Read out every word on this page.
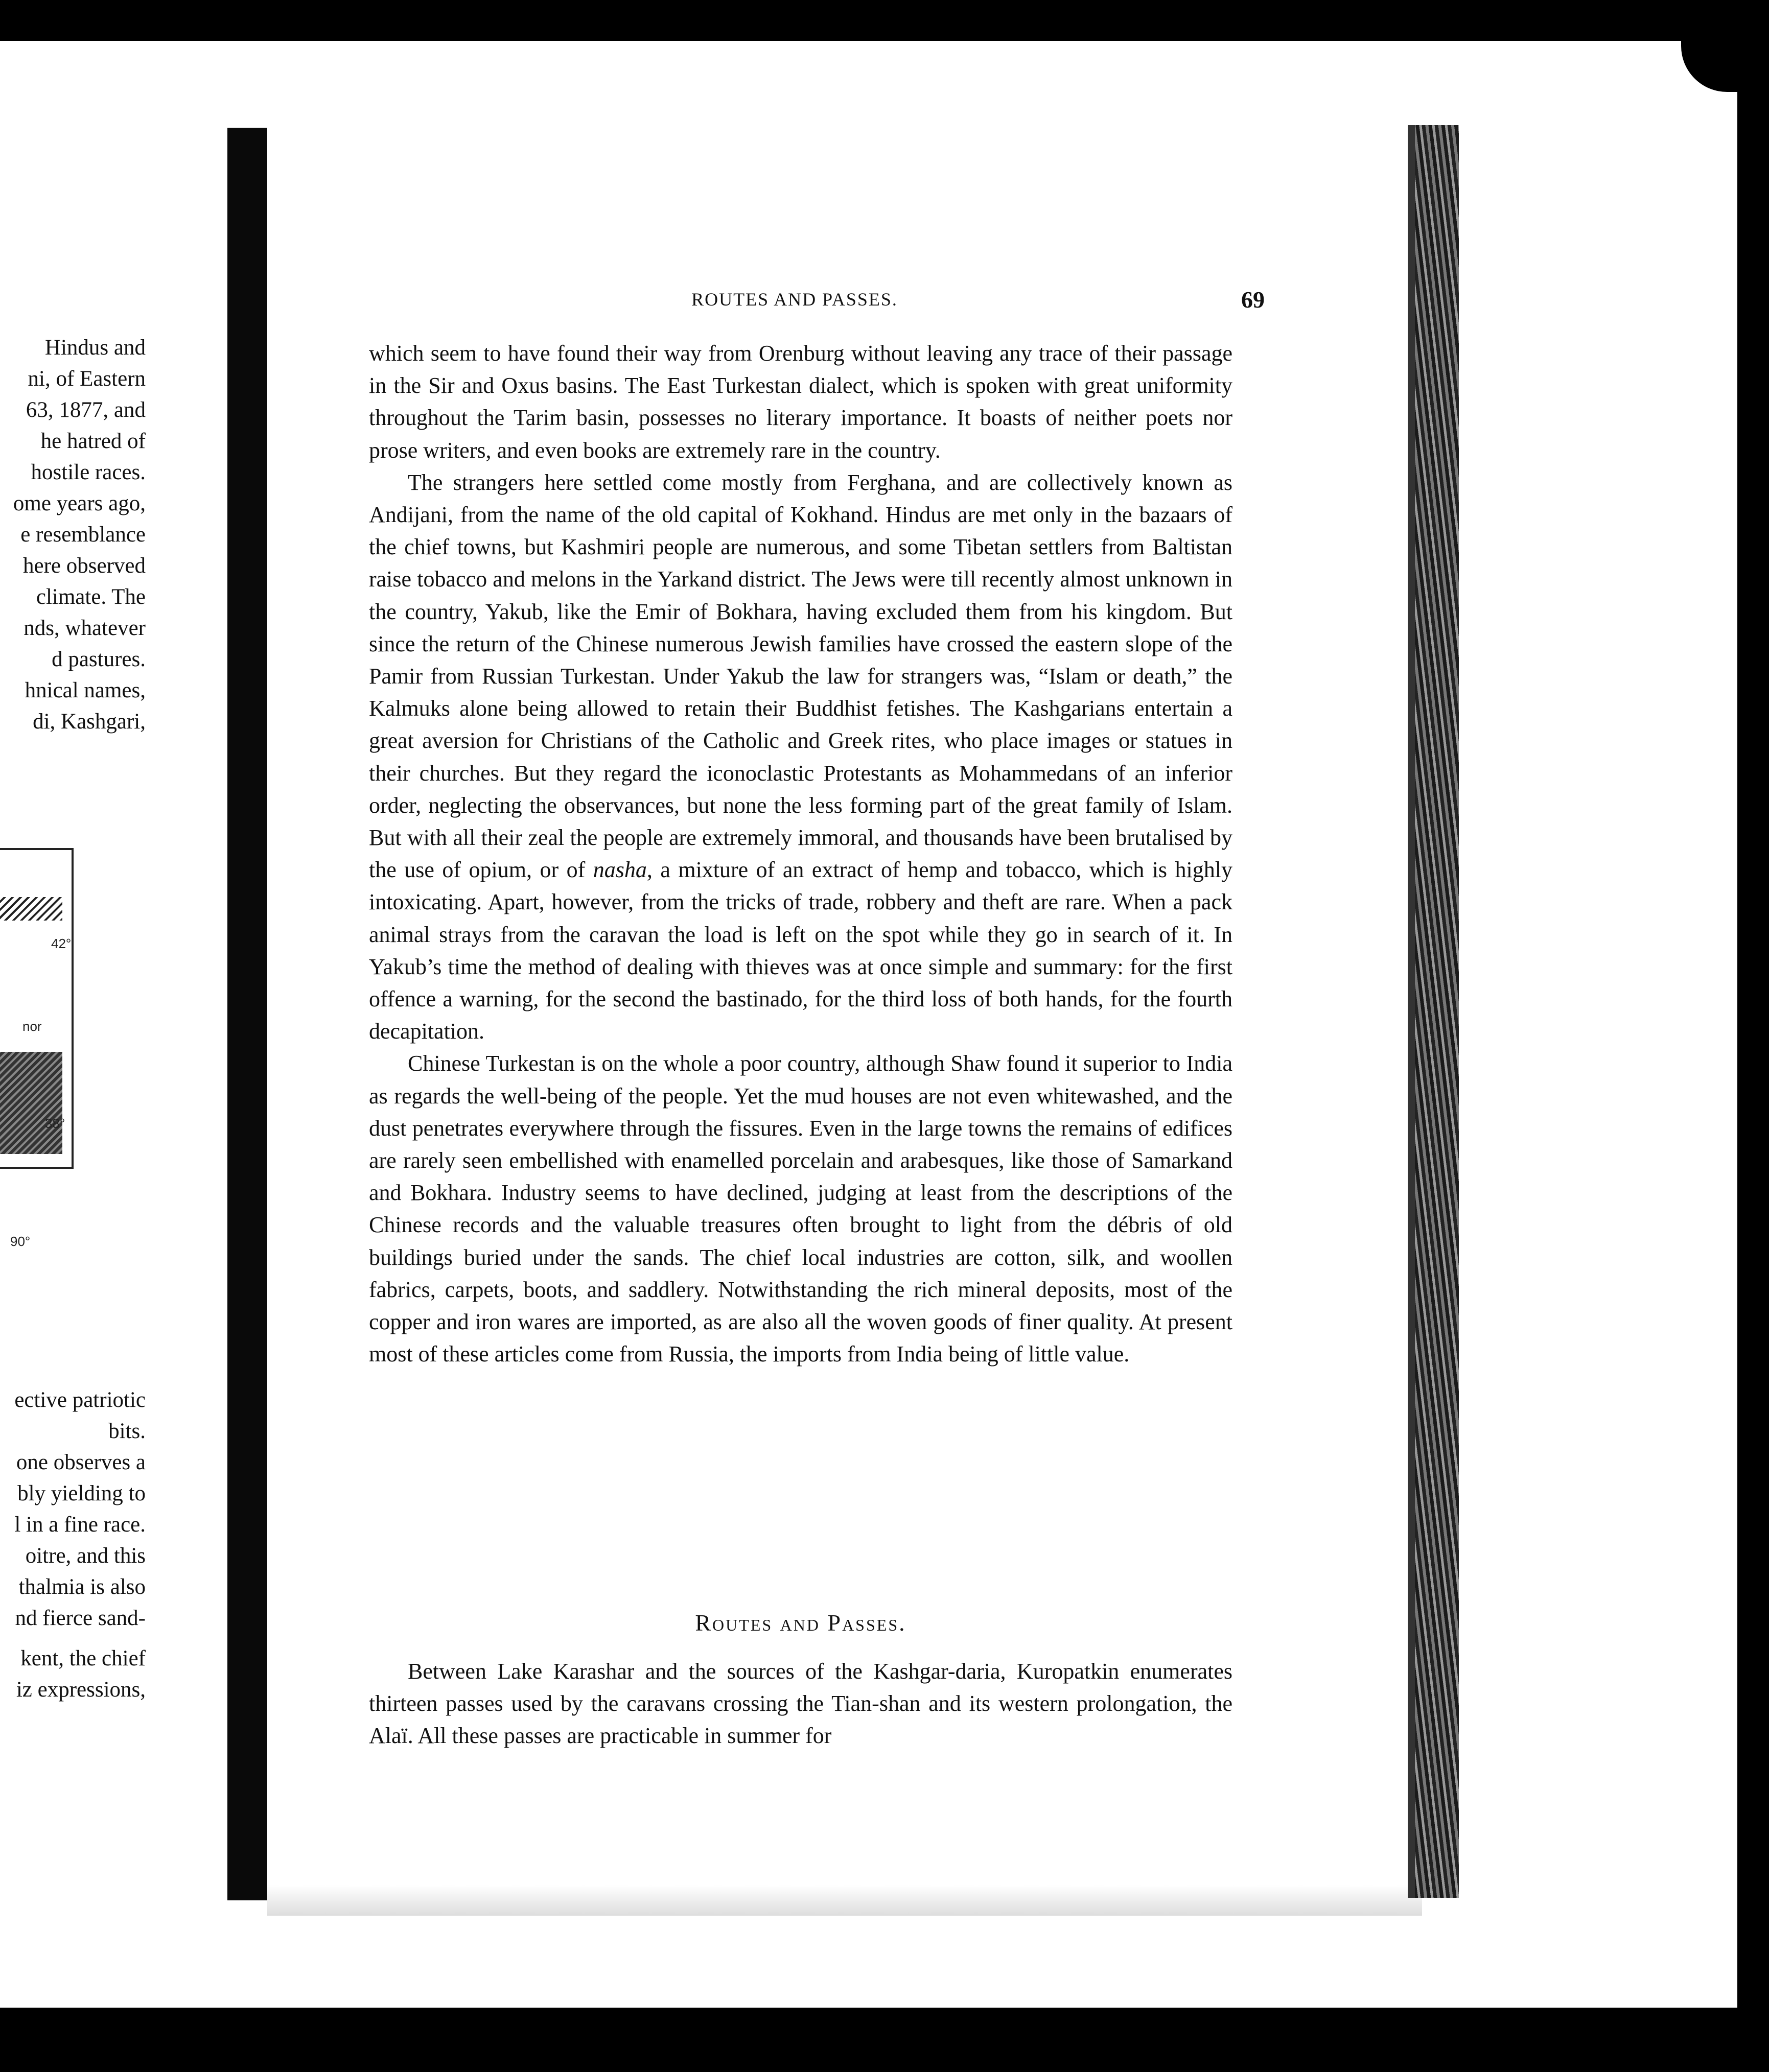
Hindus and
ni, of Eastern
63, 1877, and
he hatred of
hostile races.
ome years ago,
e resemblance
here observed
climate. The
nds, whatever
d pastures.
hnical names,
di, Kashgari,
42°
nor
38°
90°
ective patriotic
bits.
one observes a
bly yielding to
l in a fine race.
oitre, and this
thalmia is also
nd fierce sand-
kent, the chief
iz expressions,
ROUTES AND PASSES.	69

which seem to have found their way from Orenburg without leaving any trace of their passage in the Sir and Oxus basins. The East Turkestan dialect, which is spoken with great uniformity throughout the Tarim basin, possesses no literary importance. It boasts of neither poets nor prose writers, and even books are extremely rare in the country.

The strangers here settled come mostly from Ferghana, and are collectively known as Andijani, from the name of the old capital of Kokhand. Hindus are met only in the bazaars of the chief towns, but Kashmiri people are numerous, and some Tibetan settlers from Baltistan raise tobacco and melons in the Yarkand district. The Jews were till recently almost unknown in the country, Yakub, like the Emir of Bokhara, having excluded them from his kingdom. But since the return of the Chinese numerous Jewish families have crossed the eastern slope of the Pamir from Russian Turkestan. Under Yakub the law for strangers was, “Islam or death,” the Kalmuks alone being allowed to retain their Buddhist fetishes. The Kashgarians entertain a great aversion for Christians of the Catholic and Greek rites, who place images or statues in their churches. But they regard the iconoclastic Protestants as Mohammedans of an inferior order, neglecting the observances, but none the less forming part of the great family of Islam. But with all their zeal the people are extremely immoral, and thousands have been brutalised by the use of opium, or of nasha, a mixture of an extract of hemp and tobacco, which is highly intoxicating. Apart, however, from the tricks of trade, robbery and theft are rare. When a pack animal strays from the caravan the load is left on the spot while they go in search of it. In Yakub’s time the method of dealing with thieves was at once simple and summary: for the first offence a warning, for the second the bastinado, for the third loss of both hands, for the fourth decapitation.

Chinese Turkestan is on the whole a poor country, although Shaw found it superior to India as regards the well-being of the people. Yet the mud houses are not even whitewashed, and the dust penetrates everywhere through the fissures. Even in the large towns the remains of edifices are rarely seen embellished with enamelled porcelain and arabesques, like those of Samarkand and Bokhara. Industry seems to have declined, judging at least from the descriptions of the Chinese records and the valuable treasures often brought to light from the débris of old buildings buried under the sands. The chief local industries are cotton, silk, and woollen fabrics, carpets, boots, and saddlery. Notwithstanding the rich mineral deposits, most of the copper and iron wares are imported, as are also all the woven goods of finer quality. At present most of these articles come from Russia, the imports from India being of little value.

Routes and Passes.

Between Lake Karashar and the sources of the Kashgar-daria, Kuropatkin enumerates thirteen passes used by the caravans crossing the Tian-shan and its western prolongation, the Alaï. All these passes are practicable in summer for
